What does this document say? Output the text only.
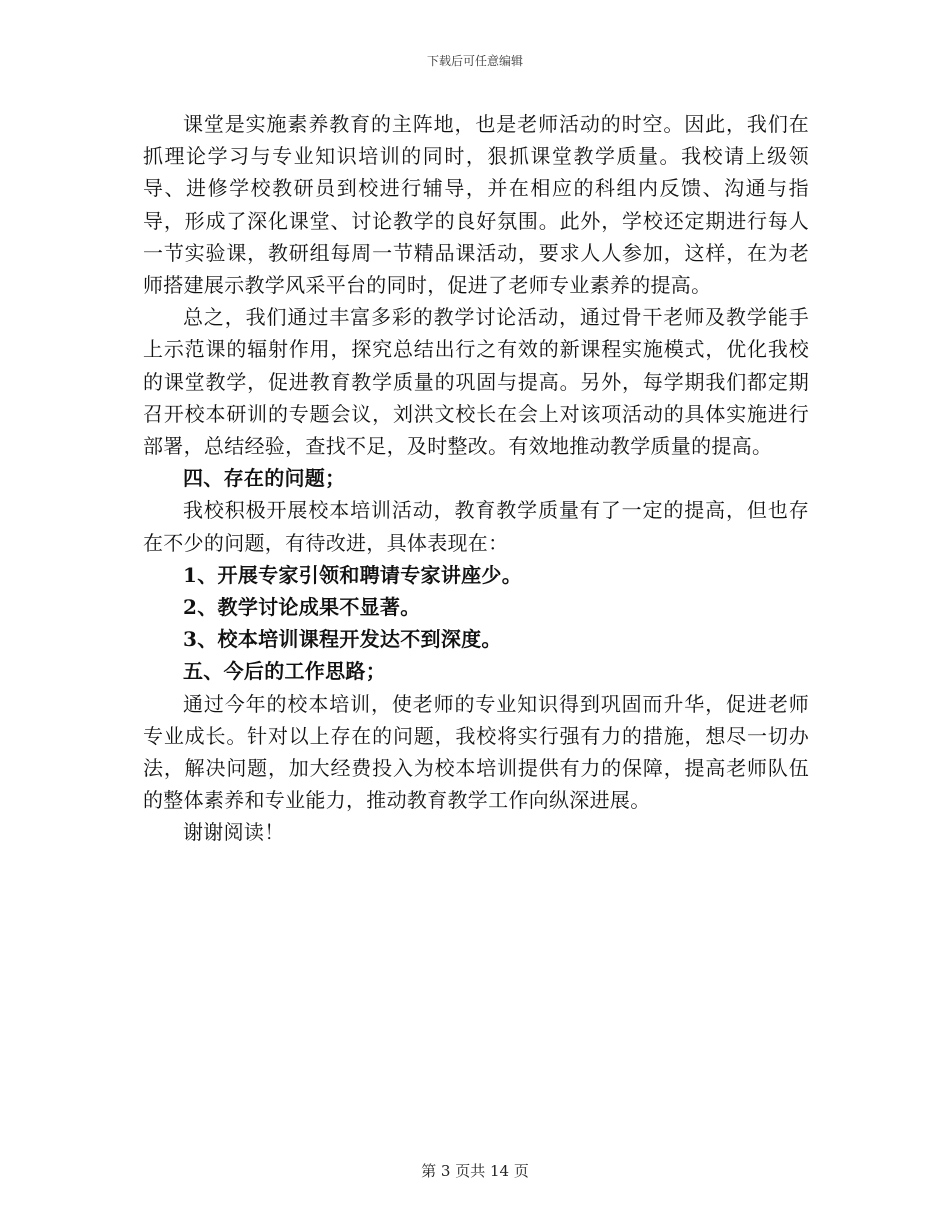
下载后可任意编辑

课堂是实施素养教育的主阵地，也是老师活动的时空。因此，我们在抓理论学习与专业知识培训的同时，狠抓课堂教学质量。我校请上级领导、进修学校教研员到校进行辅导，并在相应的科组内反馈、沟通与指导，形成了深化课堂、讨论教学的良好氛围。此外，学校还定期进行每人一节实验课，教研组每周一节精品课活动，要求人人参加，这样，在为老师搭建展示教学风采平台的同时，促进了老师专业素养的提高。

总之，我们通过丰富多彩的教学讨论活动，通过骨干老师及教学能手上示范课的辐射作用，探究总结出行之有效的新课程实施模式，优化我校的课堂教学，促进教育教学质量的巩固与提高。另外，每学期我们都定期召开校本研训的专题会议，刘洪文校长在会上对该项活动的具体实施进行部署，总结经验，查找不足，及时整改。有效地推动教学质量的提高。

四、存在的问题；

我校积极开展校本培训活动，教育教学质量有了一定的提高，但也存在不少的问题，有待改进，具体表现在：

1、开展专家引领和聘请专家讲座少。

2、教学讨论成果不显著。

3、校本培训课程开发达不到深度。

五、今后的工作思路；

通过今年的校本培训，使老师的专业知识得到巩固而升华，促进老师专业成长。针对以上存在的问题，我校将实行强有力的措施，想尽一切办法，解决问题，加大经费投入为校本培训提供有力的保障，提高老师队伍的整体素养和专业能力，推动教育教学工作向纵深进展。

谢谢阅读！

第 3 页共 14 页
